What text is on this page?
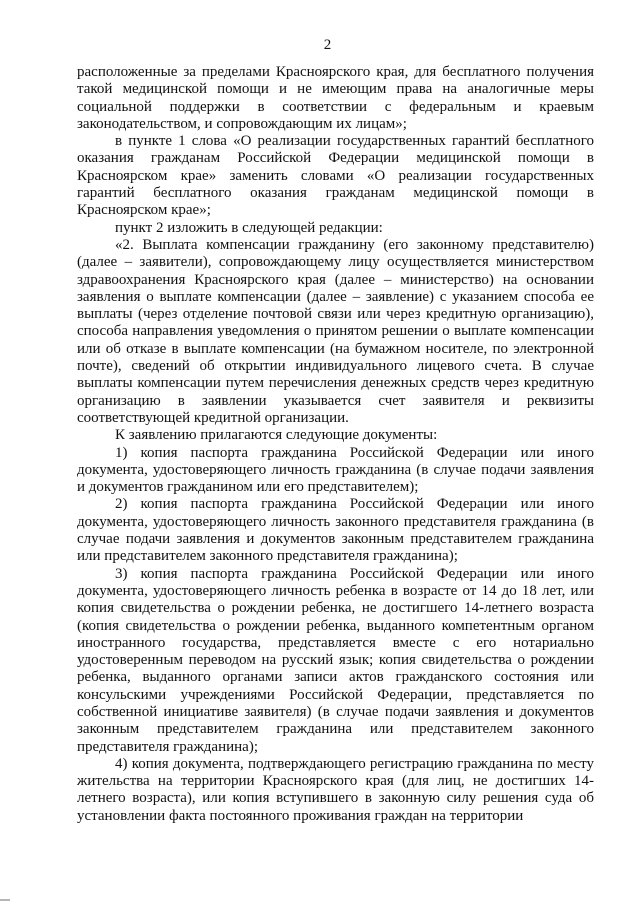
2

расположенные за пределами Красноярского края, для бесплатного получения такой медицинской помощи и не имеющим права на аналогичные меры социальной поддержки в соответствии с федеральным и краевым законодательством, и сопровождающим их лицам»;

в пункте 1 слова «О реализации государственных гарантий бесплатного оказания гражданам Российской Федерации медицинской помощи в Красноярском крае» заменить словами «О реализации государственных гарантий бесплатного оказания гражданам медицинской помощи в Красноярском крае»;

пункт 2 изложить в следующей редакции:

«2. Выплата компенсации гражданину (его законному представителю) (далее – заявители), сопровождающему лицу осуществляется министерством здравоохранения Красноярского края (далее – министерство) на основании заявления о выплате компенсации (далее – заявление) с указанием способа ее выплаты (через отделение почтовой связи или через кредитную организацию), способа направления уведомления о принятом решении о выплате компенсации или об отказе в выплате компенсации (на бумажном носителе, по электронной почте), сведений об открытии индивидуального лицевого счета. В случае выплаты компенсации путем перечисления денежных средств через кредитную организацию в заявлении указывается счет заявителя и реквизиты соответствующей кредитной организации.

К заявлению прилагаются следующие документы:

1) копия паспорта гражданина Российской Федерации или иного документа, удостоверяющего личность гражданина (в случае подачи заявления и документов гражданином или его представителем);

2) копия паспорта гражданина Российской Федерации или иного документа, удостоверяющего личность законного представителя гражданина (в случае подачи заявления и документов законным представителем гражданина или представителем законного представителя гражданина);

3) копия паспорта гражданина Российской Федерации или иного документа, удостоверяющего личность ребенка в возрасте от 14 до 18 лет, или копия свидетельства о рождении ребенка, не достигшего 14-летнего возраста (копия свидетельства о рождении ребенка, выданного компетентным органом иностранного государства, представляется вместе с его нотариально удостоверенным переводом на русский язык; копия свидетельства о рождении ребенка, выданного органами записи актов гражданского состояния или консульскими учреждениями Российской Федерации, представляется по собственной инициативе заявителя) (в случае подачи заявления и документов законным представителем гражданина или представителем законного представителя гражданина);

4) копия документа, подтверждающего регистрацию гражданина по месту жительства на территории Красноярского края (для лиц, не достигших 14-летнего возраста), или копия вступившего в законную силу решения суда об установлении факта постоянного проживания граждан на территории
